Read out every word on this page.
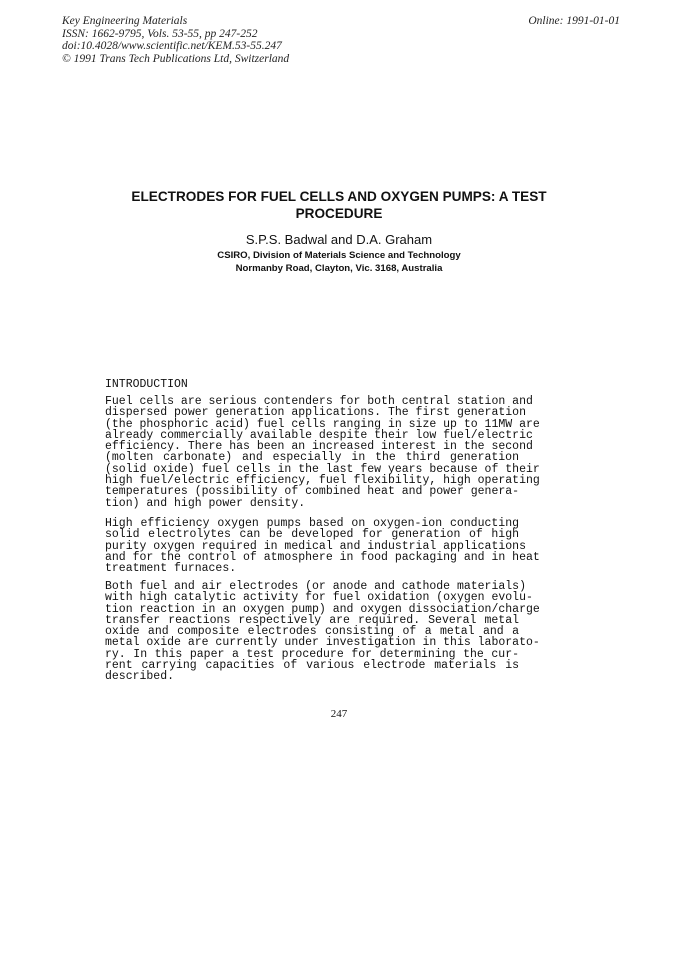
Key Engineering Materials
ISSN: 1662-9795, Vols. 53-55, pp 247-252
doi:10.4028/www.scientific.net/KEM.53-55.247
© 1991 Trans Tech Publications Ltd, Switzerland
Online: 1991-01-01
ELECTRODES FOR FUEL CELLS AND OXYGEN PUMPS: A TEST
PROCEDURE
S.P.S. Badwal and D.A. Graham
CSIRO, Division of Materials Science and Technology
Normanby Road, Clayton, Vic. 3168, Australia
INTRODUCTION
Fuel cells are serious contenders for both central station and
dispersed power generation applications. The first generation
(the phosphoric acid) fuel cells ranging in size up to 11MW are
already commercially available despite their low fuel/electric
efficiency. There has been an increased interest in the second
(molten carbonate) and especially in the third generation
(solid oxide) fuel cells in the last few years because of their
high fuel/electric efficiency, fuel flexibility, high operating
temperatures (possibility of combined heat and power genera-
tion) and high power density.
High efficiency oxygen pumps based on oxygen-ion conducting
solid electrolytes can be developed for generation of high
purity oxygen required in medical and industrial applications
and for the control of atmosphere in food packaging and in heat
treatment furnaces.
Both fuel and air electrodes (or anode and cathode materials)
with high catalytic activity for fuel oxidation (oxygen evolu-
tion reaction in an oxygen pump) and oxygen dissociation/charge
transfer reactions respectively are required. Several metal
oxide and composite electrodes consisting of a metal and a
metal oxide are currently under investigation in this laborato-
ry. In this paper a test procedure for determining the cur-
rent carrying capacities of various electrode materials is
described.
247
